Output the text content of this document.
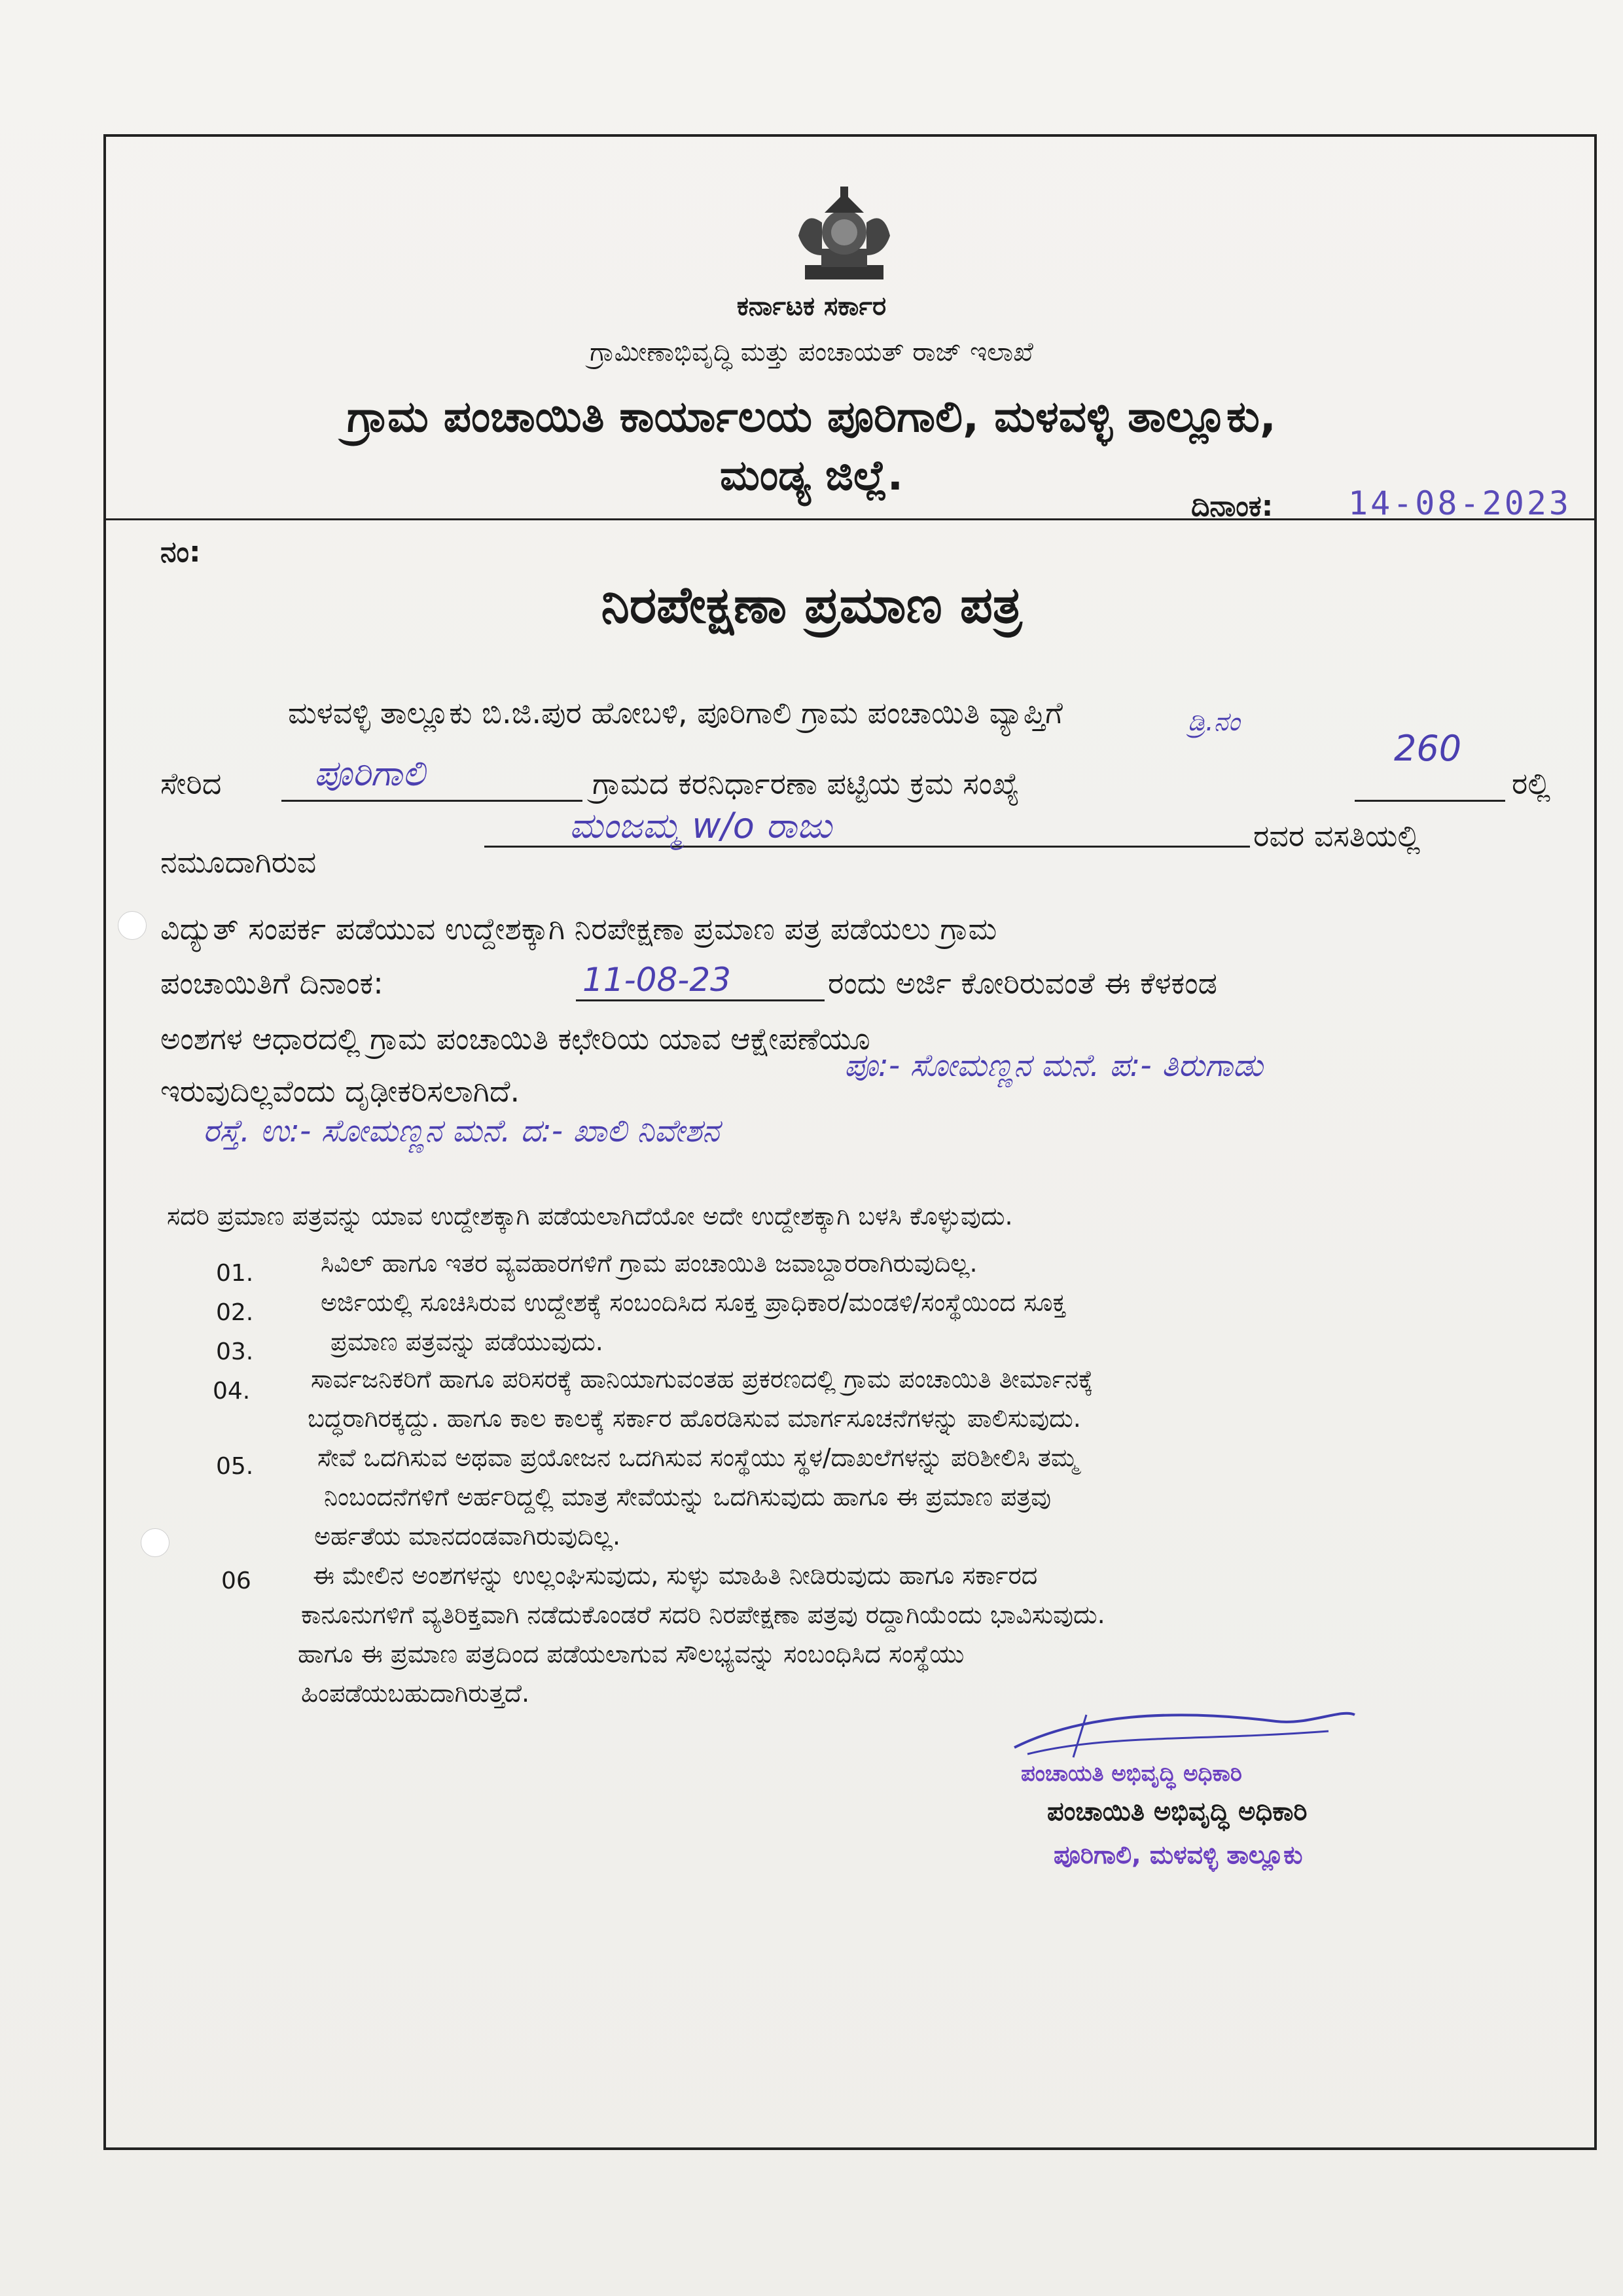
ಕರ್ನಾಟಕ ಸರ್ಕಾರ
ಗ್ರಾಮೀಣಾಭಿವೃದ್ಧಿ ಮತ್ತು ಪಂಚಾಯತ್ ರಾಜ್ ಇಲಾಖೆ
ಗ್ರಾಮ ಪಂಚಾಯಿತಿ ಕಾರ್ಯಾಲಯ ಪೂರಿಗಾಲಿ, ಮಳವಳ್ಳಿ ತಾಲ್ಲೂಕು,
ಮಂಡ್ಯ ಜಿಲ್ಲೆ.
ದಿನಾಂಕ: 14-08-2023
ನಂ:
ನಿರಪೇಕ್ಷಣಾ ಪ್ರಮಾಣ ಪತ್ರ
ಮಳವಳ್ಳಿ ತಾಲ್ಲೂಕು ಬಿ.ಜಿ.ಪುರ ಹೋಬಳಿ, ಪೂರಿಗಾಲಿ ಗ್ರಾಮ ಪಂಚಾಯಿತಿ ವ್ಯಾಪ್ತಿಗೆ
ಸೇರಿದ	ಪೂರಿಗಾಲಿ	ಗ್ರಾಮದ ಕರನಿರ್ಧಾರಣಾ ಪಟ್ಟಿಯ ಕ್ರಮ ಸಂಖ್ಯೆ
ಡ್ರಿ.ನಂ
260
ರಲ್ಲಿ
ನಮೂದಾಗಿರುವ
ಮಂಜಮ್ಮ w/o ರಾಜು	ರವರ ವಸತಿಯಲ್ಲಿ
ವಿದ್ಯುತ್ ಸಂಪರ್ಕ ಪಡೆಯುವ ಉದ್ದೇಶಕ್ಕಾಗಿ ನಿರಪೇಕ್ಷಣಾ ಪ್ರಮಾಣ ಪತ್ರ ಪಡೆಯಲು ಗ್ರಾಮ
ಪಂಚಾಯಿತಿಗೆ ದಿನಾಂಕ:	11-08-23	ರಂದು ಅರ್ಜಿ ಕೋರಿರುವಂತೆ ಈ ಕೆಳಕಂಡ
ಅಂಶಗಳ ಆಧಾರದಲ್ಲಿ ಗ್ರಾಮ ಪಂಚಾಯಿತಿ ಕಛೇರಿಯ ಯಾವ ಆಕ್ಷೇಪಣೆಯೂ
ಇರುವುದಿಲ್ಲವೆಂದು ದೃಢೀಕರಿಸಲಾಗಿದೆ.
ಪೂ:- ಸೋಮಣ್ಣನ ಮನೆ. ಪ:- ತಿರುಗಾಡು
ರಸ್ತೆ. ಉ:- ಸೋಮಣ್ಣನ ಮನೆ. ದ:- ಖಾಲಿ ನಿವೇಶನ
ಸದರಿ ಪ್ರಮಾಣ ಪತ್ರವನ್ನು ಯಾವ ಉದ್ದೇಶಕ್ಕಾಗಿ ಪಡೆಯಲಾಗಿದೆಯೋ ಅದೇ ಉದ್ದೇಶಕ್ಕಾಗಿ ಬಳಸಿ ಕೊಳ್ಳುವುದು.
01.
02.
03.
04.
05.
06
ಸಿವಿಲ್ ಹಾಗೂ ಇತರ ವ್ಯವಹಾರಗಳಿಗೆ ಗ್ರಾಮ ಪಂಚಾಯಿತಿ ಜವಾಬ್ದಾರರಾಗಿರುವುದಿಲ್ಲ.
ಅರ್ಜಿಯಲ್ಲಿ ಸೂಚಿಸಿರುವ ಉದ್ದೇಶಕ್ಕೆ ಸಂಬಂದಿಸಿದ ಸೂಕ್ತ ಪ್ರಾಧಿಕಾರ/ಮಂಡಳಿ/ಸಂಸ್ಥೆಯಿಂದ ಸೂಕ್ತ
ಪ್ರಮಾಣ ಪತ್ರವನ್ನು ಪಡೆಯುವುದು.
ಸಾರ್ವಜನಿಕರಿಗೆ ಹಾಗೂ ಪರಿಸರಕ್ಕೆ ಹಾನಿಯಾಗುವಂತಹ ಪ್ರಕರಣದಲ್ಲಿ ಗ್ರಾಮ ಪಂಚಾಯಿತಿ ತೀರ್ಮಾನಕ್ಕೆ
ಬದ್ಧರಾಗಿರಕ್ಕದ್ದು. ಹಾಗೂ ಕಾಲ ಕಾಲಕ್ಕೆ ಸರ್ಕಾರ ಹೊರಡಿಸುವ ಮಾರ್ಗಸೂಚನೆಗಳನ್ನು ಪಾಲಿಸುವುದು.
ಸೇವೆ ಒದಗಿಸುವ ಅಥವಾ ಪ್ರಯೋಜನ ಒದಗಿಸುವ ಸಂಸ್ಥೆಯು ಸ್ಥಳ/ದಾಖಲೆಗಳನ್ನು ಪರಿಶೀಲಿಸಿ ತಮ್ಮ
ನಿಂಬಂದನೆಗಳಿಗೆ ಅರ್ಹರಿದ್ದಲ್ಲಿ ಮಾತ್ರ ಸೇವೆಯನ್ನು ಒದಗಿಸುವುದು ಹಾಗೂ ಈ ಪ್ರಮಾಣ ಪತ್ರವು
ಅರ್ಹತೆಯ ಮಾನದಂಡವಾಗಿರುವುದಿಲ್ಲ.
ಈ ಮೇಲಿನ ಅಂಶಗಳನ್ನು ಉಲ್ಲಂಘಿಸುವುದು, ಸುಳ್ಳು ಮಾಹಿತಿ ನೀಡಿರುವುದು ಹಾಗೂ ಸರ್ಕಾರದ
ಕಾನೂನುಗಳಿಗೆ ವ್ಯತಿರಿಕ್ತವಾಗಿ ನಡೆದುಕೊಂಡರೆ ಸದರಿ ನಿರಪೇಕ್ಷಣಾ ಪತ್ರವು ರದ್ದಾಗಿಯೆಂದು ಭಾವಿಸುವುದು.
ಹಾಗೂ ಈ ಪ್ರಮಾಣ ಪತ್ರದಿಂದ ಪಡೆಯಲಾಗುವ ಸೌಲಭ್ಯವನ್ನು ಸಂಬಂಧಿಸಿದ ಸಂಸ್ಥೆಯು
ಹಿಂಪಡೆಯಬಹುದಾಗಿರುತ್ತದೆ.
ಪಂಚಾಯತಿ ಅಭಿವೃದ್ಧಿ ಅಧಿಕಾರಿ
ಪಂಚಾಯಿತಿ ಅಭಿವೃದ್ಧಿ ಅಧಿಕಾರಿ
ಪೂರಿಗಾಲಿ, ಮಳವಳ್ಳಿ ತಾಲ್ಲೂಕು
